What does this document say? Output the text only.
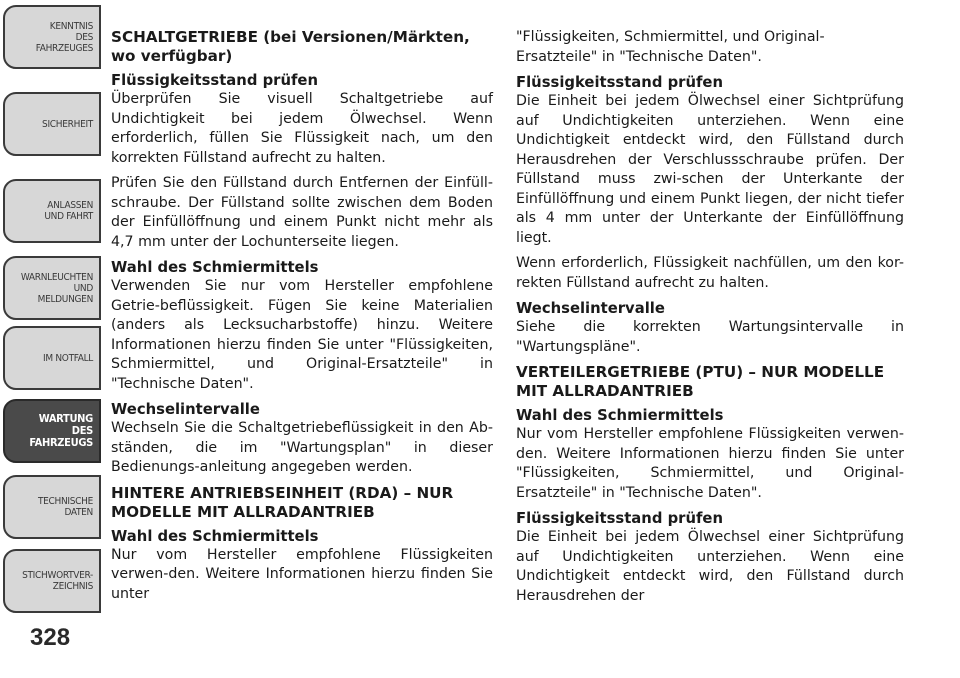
KENNTNIS
DES
FAHRZEUGES
SICHERHEIT
ANLASSEN
UND FAHRT
WARNLEUCHTEN
UND
MELDUNGEN
IM NOTFALL
WARTUNG
DES
FAHRZEUGS
TECHNISCHE
DATEN
STICHWORTVER-
ZEICHNIS
328
SCHALTGETRIEBE (bei Versionen/Märkten, wo verfügbar)
Flüssigkeitsstand prüfen

Überprüfen Sie visuell Schaltgetriebe auf Undichtigkeit bei jedem Ölwechsel. Wenn erforderlich, füllen Sie Flüssigkeit nach, um den korrekten Füllstand aufrecht zu halten.

Prüfen Sie den Füllstand durch Entfernen der Einfüll-schraube. Der Füllstand sollte zwischen dem Boden der Einfüllöffnung und einem Punkt nicht mehr als 4,7 mm unter der Lochunterseite liegen.

Wahl des Schmiermittels

Verwenden Sie nur vom Hersteller empfohlene Getrie-beflüssigkeit. Fügen Sie keine Materialien (anders als Lecksucharbstoffe) hinzu. Weitere Informationen hierzu finden Sie unter "Flüssigkeiten, Schmiermittel, und Original-Ersatzteile" in "Technische Daten".

Wechselintervalle

Wechseln Sie die Schaltgetriebeflüssigkeit in den Ab-ständen, die im "Wartungsplan" in dieser Bedienungs-anleitung angegeben werden.

HINTERE ANTRIEBSEINHEIT (RDA) – NUR MODELLE MIT ALLRADANTRIEB
Wahl des Schmiermittels

Nur vom Hersteller empfohlene Flüssigkeiten verwen-den. Weitere Informationen hierzu finden Sie unter

"Flüssigkeiten, Schmiermittel, und Original-Ersatzteile" in "Technische Daten".

Flüssigkeitsstand prüfen

Die Einheit bei jedem Ölwechsel einer Sichtprüfung auf Undichtigkeiten unterziehen. Wenn eine Undichtigkeit entdeckt wird, den Füllstand durch Herausdrehen der Verschlussschraube prüfen. Der Füllstand muss zwi-schen der Unterkante der Einfüllöffnung und einem Punkt liegen, der nicht tiefer als 4 mm unter der Unterkante der Einfüllöffnung liegt.

Wenn erforderlich, Flüssigkeit nachfüllen, um den kor-rekten Füllstand aufrecht zu halten.

Wechselintervalle

Siehe die korrekten Wartungsintervalle in "Wartungspläne".

VERTEILERGETRIEBE (PTU) – NUR MODELLE MIT ALLRADANTRIEB
Wahl des Schmiermittels

Nur vom Hersteller empfohlene Flüssigkeiten verwen-den. Weitere Informationen hierzu finden Sie unter "Flüssigkeiten, Schmiermittel, und Original-Ersatzteile" in "Technische Daten".

Flüssigkeitsstand prüfen

Die Einheit bei jedem Ölwechsel einer Sichtprüfung auf Undichtigkeiten unterziehen. Wenn eine Undichtigkeit entdeckt wird, den Füllstand durch Herausdrehen der
